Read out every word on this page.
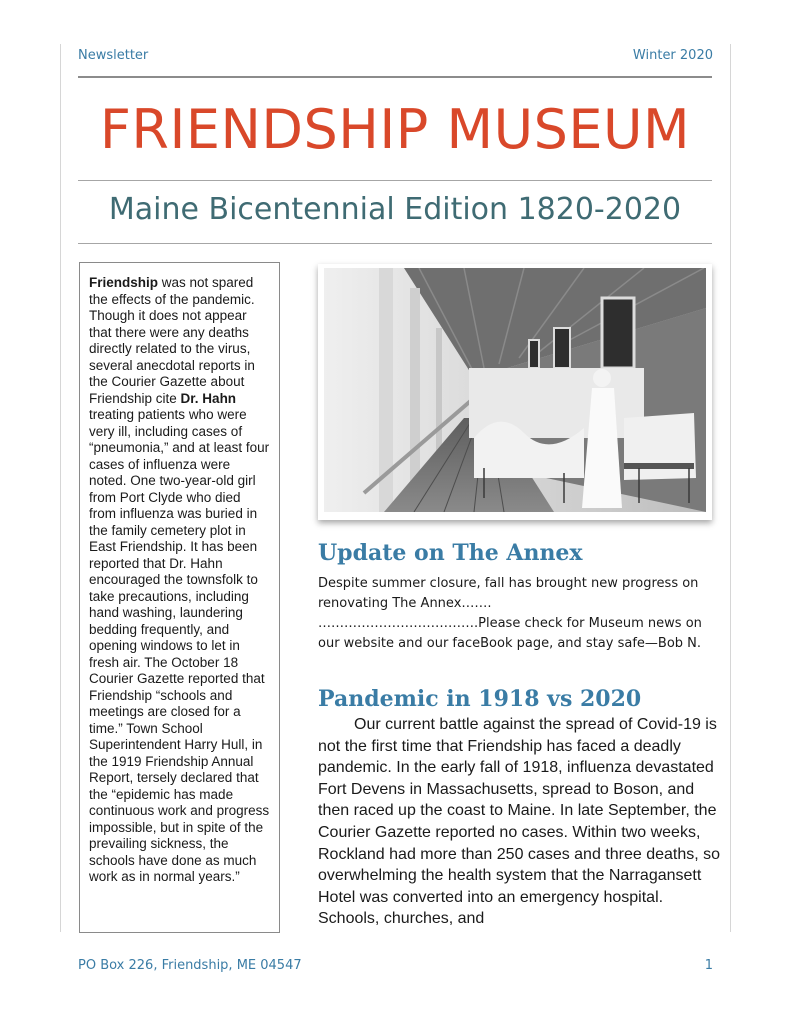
Newsletter	Winter 2020
FRIENDSHIP MUSEUM
Maine Bicentennial Edition 1820-2020
Friendship was not spared the effects of the pandemic. Though it does not appear that there were any deaths directly related to the virus, several anecdotal reports in the Courier Gazette about Friendship cite Dr. Hahn treating patients who were very ill, including cases of “pneumonia,” and at least four cases of influenza were noted. One two-year-old girl from Port Clyde who died from influenza was buried in the family cemetery plot in East Friendship. It has been reported that Dr. Hahn encouraged the townsfolk to take precautions, including hand washing, laundering bedding frequently, and opening windows to let in fresh air. The October 18 Courier Gazette reported that Friendship “schools and meetings are closed for a time.” Town School Superintendent Harry Hull, in the 1919 Friendship Annual Report, tersely declared that the “epidemic has made continuous work and progress impossible, but in spite of the prevailing sickness, the schools have done as much work as in normal years.”
Update on The Annex
Despite summer closure, fall has brought new progress on renovating The Annex…….
……………………………….Please check for Museum news on our website and our faceBook page, and stay safe—Bob N.
Pandemic in 1918 vs 2020
Our current battle against the spread of Covid-19 is not the first time that Friendship has faced a deadly pandemic. In the early fall of 1918, influenza devastated Fort Devens in Massachusetts, spread to Boson, and then raced up the coast to Maine. In late September, the Courier Gazette reported no cases. Within two weeks, Rockland had more than 250 cases and three deaths, so overwhelming the health system that the Narragansett Hotel was converted into an emergency hospital. Schools, churches, and
PO Box 226, Friendship, ME 04547	1
